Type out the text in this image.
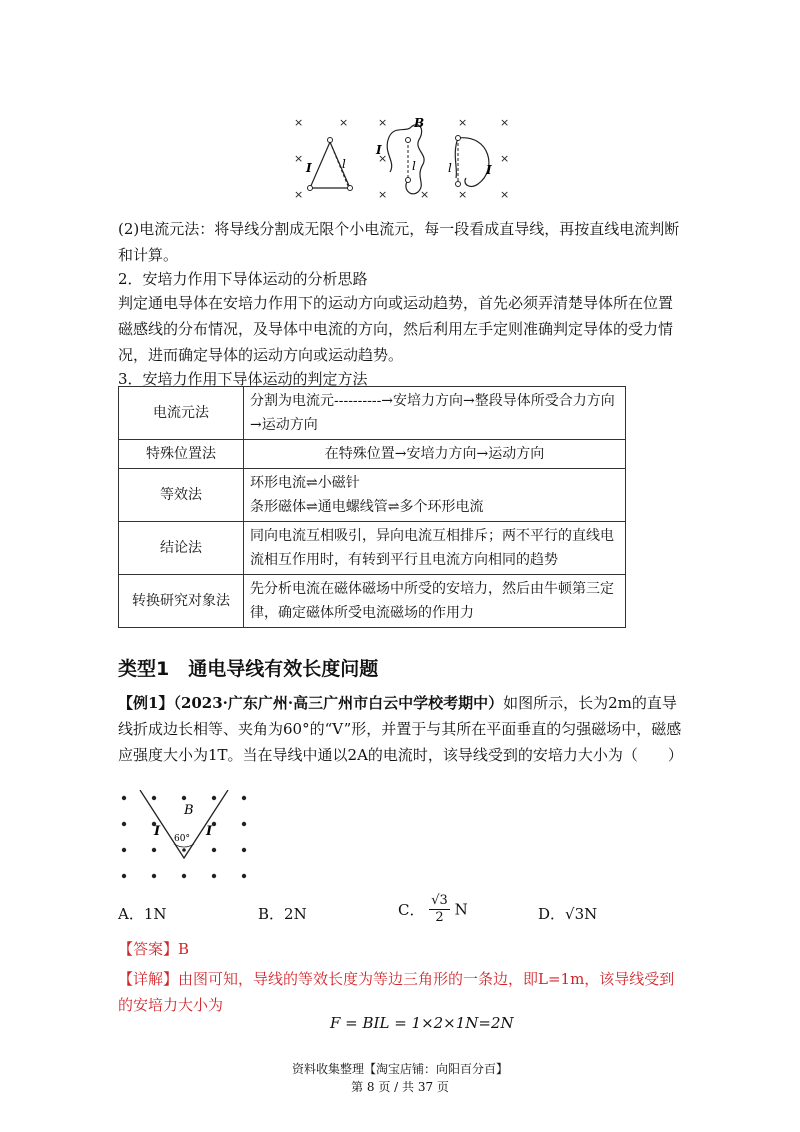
×	×	×	×	×
×	×	×
×	×	×	×	×
I	l
B
I
l	I
l
(2)电流元法：将导线分割成无限个小电流元，每一段看成直导线，再按直线电流判断和计算。
2．安培力作用下导体运动的分析思路
判定通电导体在安培力作用下的运动方向或运动趋势，首先必须弄清楚导体所在位置磁感线的分布情况，及导体中电流的方向，然后利用左手定则准确判定导体的受力情况，进而确定导体的运动方向或运动趋势。
3．安培力作用下导体运动的判定方法
电流元法	分割为电流元----------→安培力方向→整段导体所受合力方向→运动方向
特殊位置法	在特殊位置→安培力方向→运动方向
等效法	环形电流⇌小磁针
条形磁体⇌通电螺线管⇌多个环形电流

结论法	同向电流互相吸引，异向电流互相排斥；两不平行的直线电流相互作用时，有转到平行且电流方向相同的趋势
转换研究对象法	先分析电流在磁体磁场中所受的安培力，然后由牛顿第三定律，确定磁体所受电流磁场的作用力
类型1　通电导线有效长度问题
【例1】（2023·广东广州·高三广州市白云中学校考期中）如图所示，长为2m的直导线折成边长相等、夹角为60°的“V”形，并置于与其所在平面垂直的匀强磁场中，磁感应强度大小为1T。当在导线中通以2A的电流时，该导线受到的安培力大小为（　　）
B
I	I
60°
A．1N	B．2N	C． $\frac{√3}{2}$ N	D．√3N
【答案】B
【详解】由图可知，导线的等效长度为等边三角形的一条边，即L=1m，该导线受到的安培力大小为
F = BIL = 1×2×1N=2N
资料收集整理【淘宝店铺：向阳百分百】
第 8 页 / 共 37 页
